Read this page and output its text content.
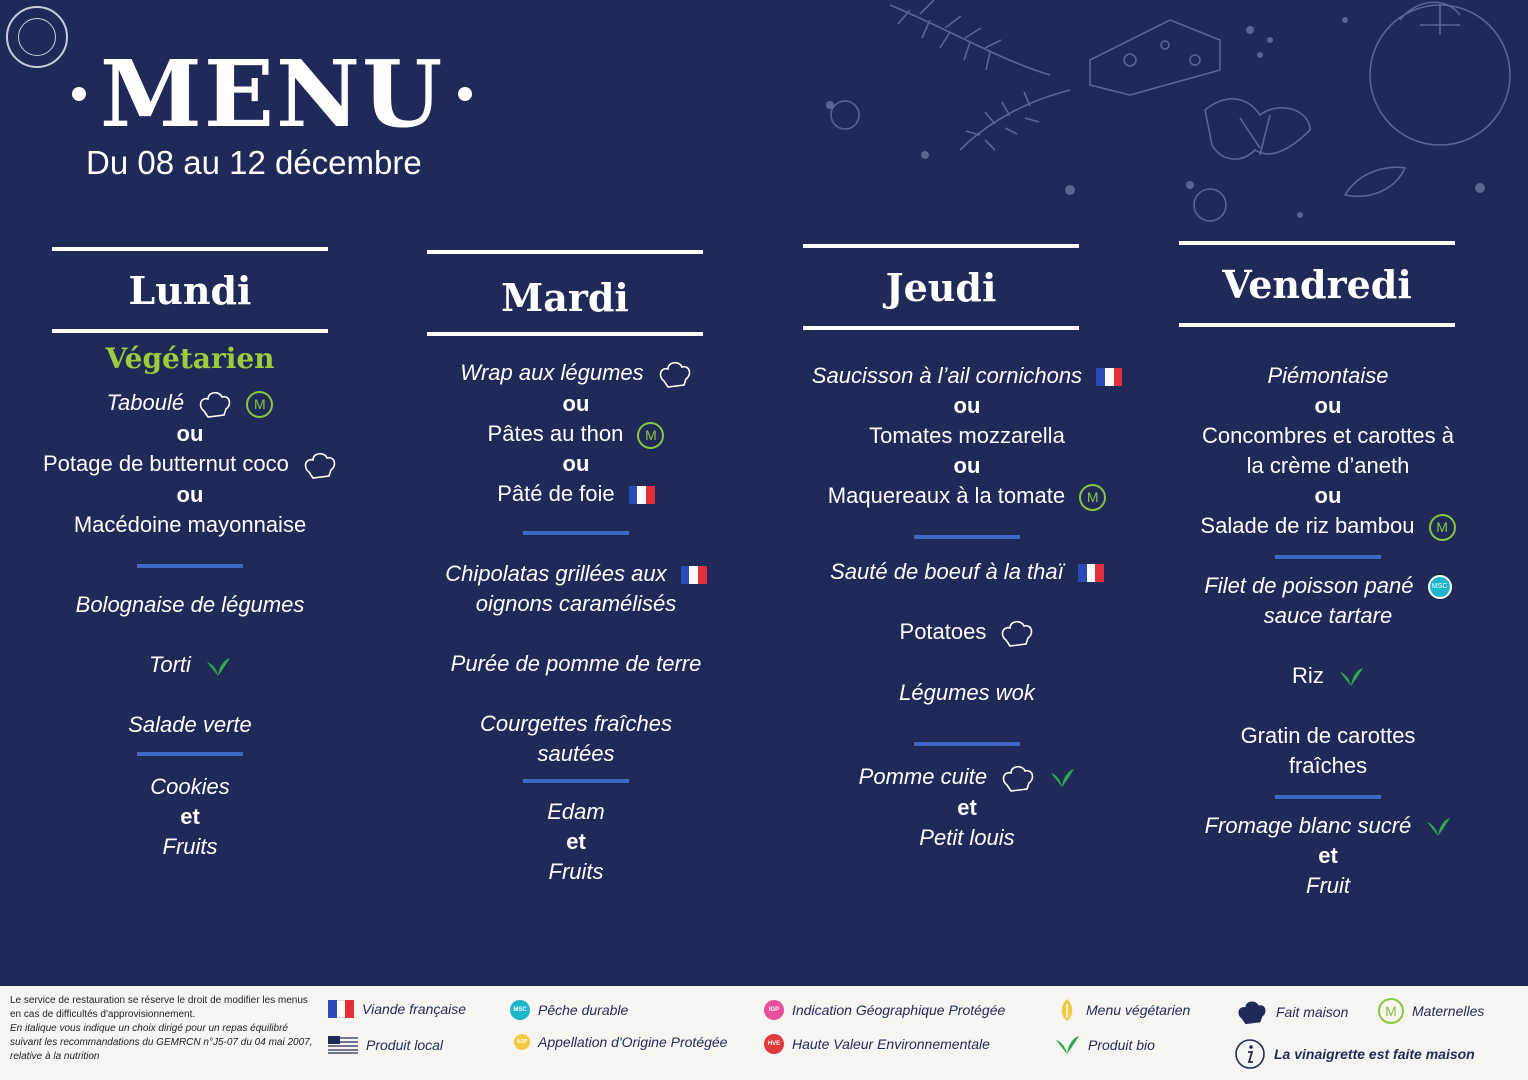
MENU
Du 08 au 12 décembre
Lundi
Végétarien
Taboulé	M
ou
Potage de butternut coco
ou
Macédoine mayonnaise
Bolognaise de légumes
Torti
Salade verte
Cookies
et
Fruits
Mardi
Wrap aux légumes
ou
Pâtes au thon M
ou
Pâté de foie
Chipolatas grillées aux
oignons caramélisés
Purée de pomme de terre
Courgettes fraîches
sautées
Edam
et
Fruits
Jeudi
Saucisson à l’ail cornichons
ou
Tomates mozzarella
ou
Maquereaux à la tomate M
Sauté de boeuf à la thaï
Potatoes
Légumes wok
Pomme cuite
et
Petit louis
Vendredi
Piémontaise
ou
Concombres et carottes à
la crème d’aneth
ou
Salade de riz bambou M
Filet de poisson pané	MSC
sauce tartare
Riz
Gratin de carottes
fraîches
Fromage blanc sucré
et
Fruit
Le service de restauration se réserve le droit de modifier les menus en cas de difficultés d'approvisionnement.
En italique vous indique un choix dirigé pour un repas équilibré suivant les recommandations du GEMRCN n°J5-07 du 04 mai 2007, relative à la nutrition
Viande française
Produit local
MSC Pêche durable
AOP Appellation d'Origine Protégée
IGP Indication Géographique Protégée
HVE Haute Valeur Environnementale
Menu végétarien
Produit bio
Fait maison	M	Maternelles
La vinaigrette est faite maison
